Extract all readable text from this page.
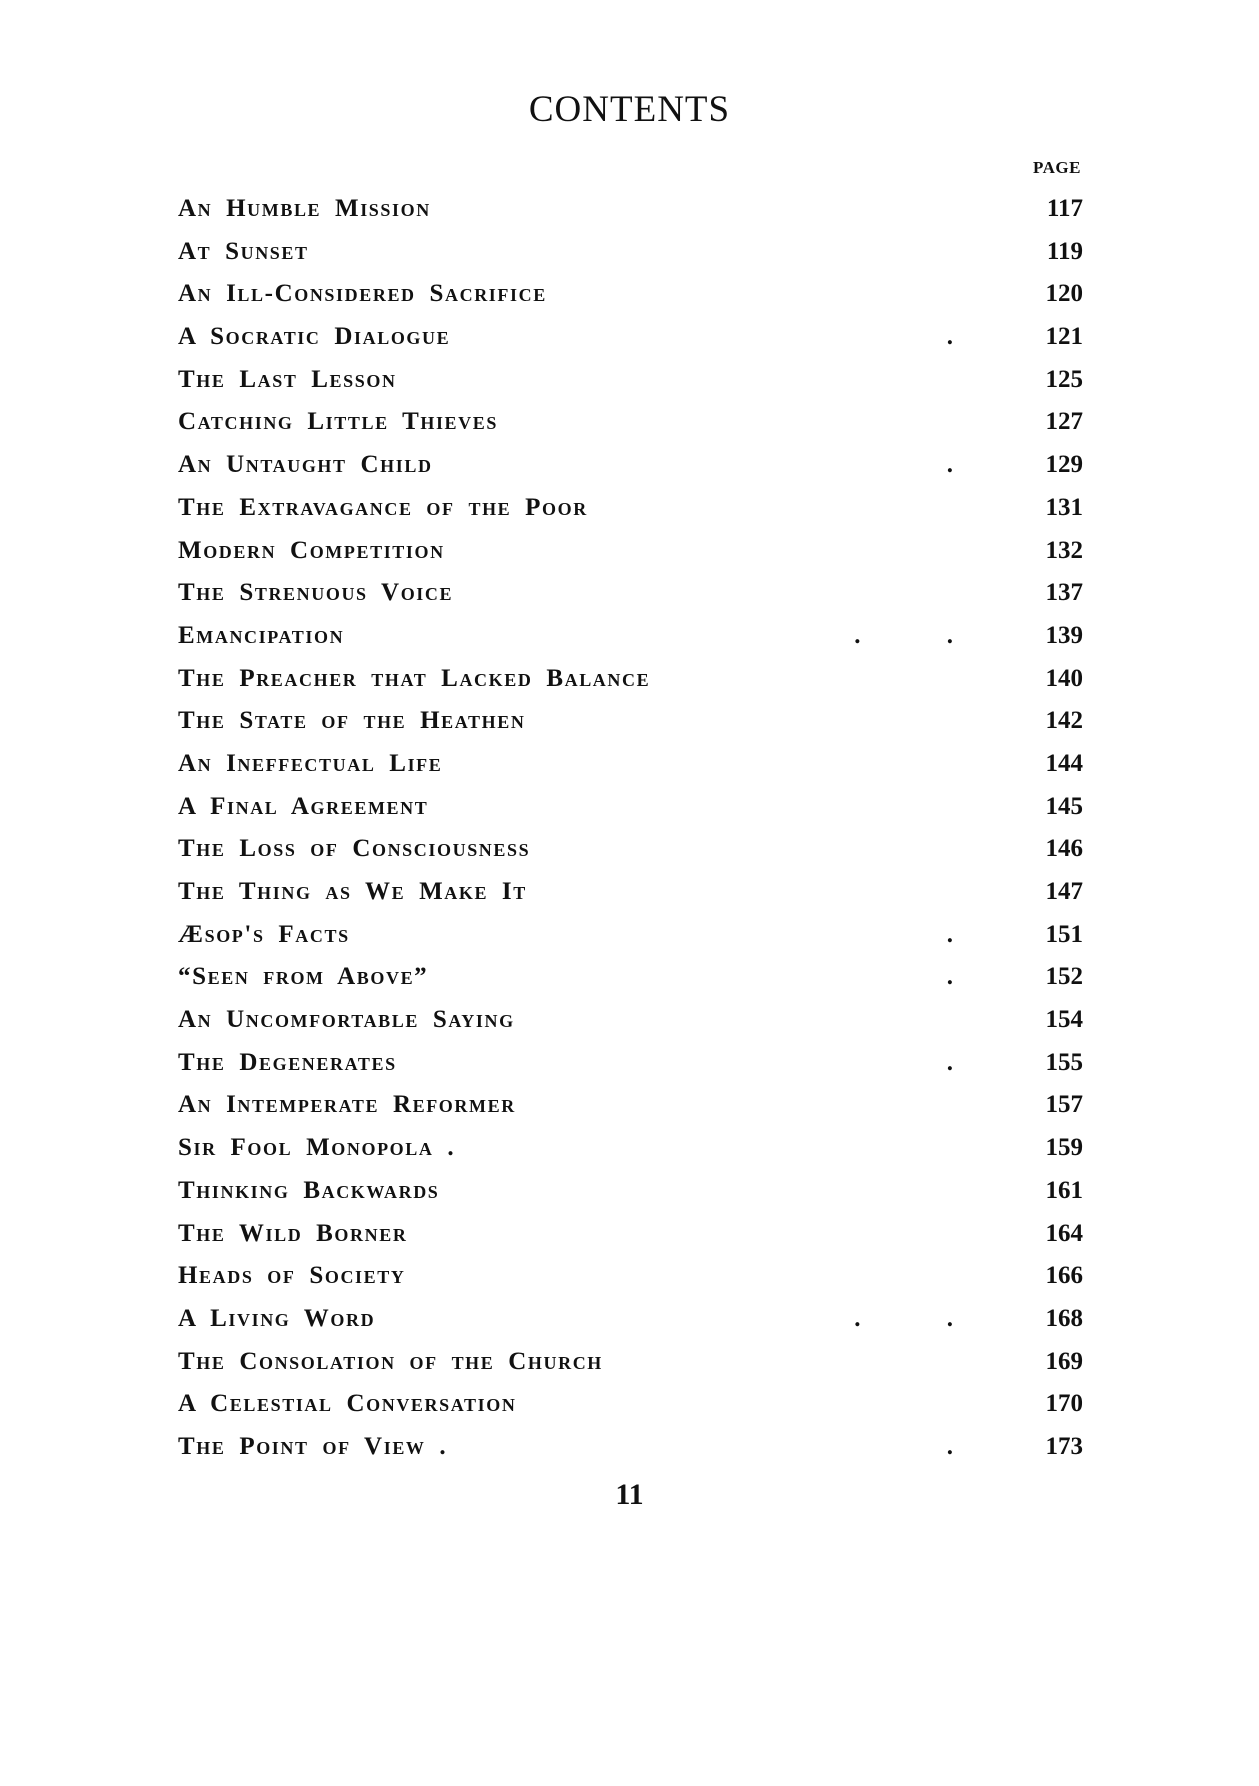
CONTENTS
PAGE
An Humble Mission	117
At Sunset	119
An Ill-Considered Sacrifice	120
A Socratic Dialogue	.	121
The Last Lesson	125
Catching Little Thieves	127
An Untaught Child	.	129
The Extravagance of the Poor	131
Modern Competition	132
The Strenuous Voice	137
Emancipation	. .	139
The Preacher that Lacked Balance	140
The State of the Heathen	142
An Ineffectual Life	144
A Final Agreement	145
The Loss of Consciousness	146
The Thing as We Make It	147
Æsop's Facts	.	151
“Seen from Above”	.	152
An Uncomfortable Saying	154
The Degenerates	.	155
An Intemperate Reformer	157
Sir Fool Monopola .	159
Thinking Backwards	161
The Wild Borner	164
Heads of Society	166
A Living Word	. .	168
The Consolation of the Church	169
A Celestial Conversation	170
The Point of View .	.	173
11
